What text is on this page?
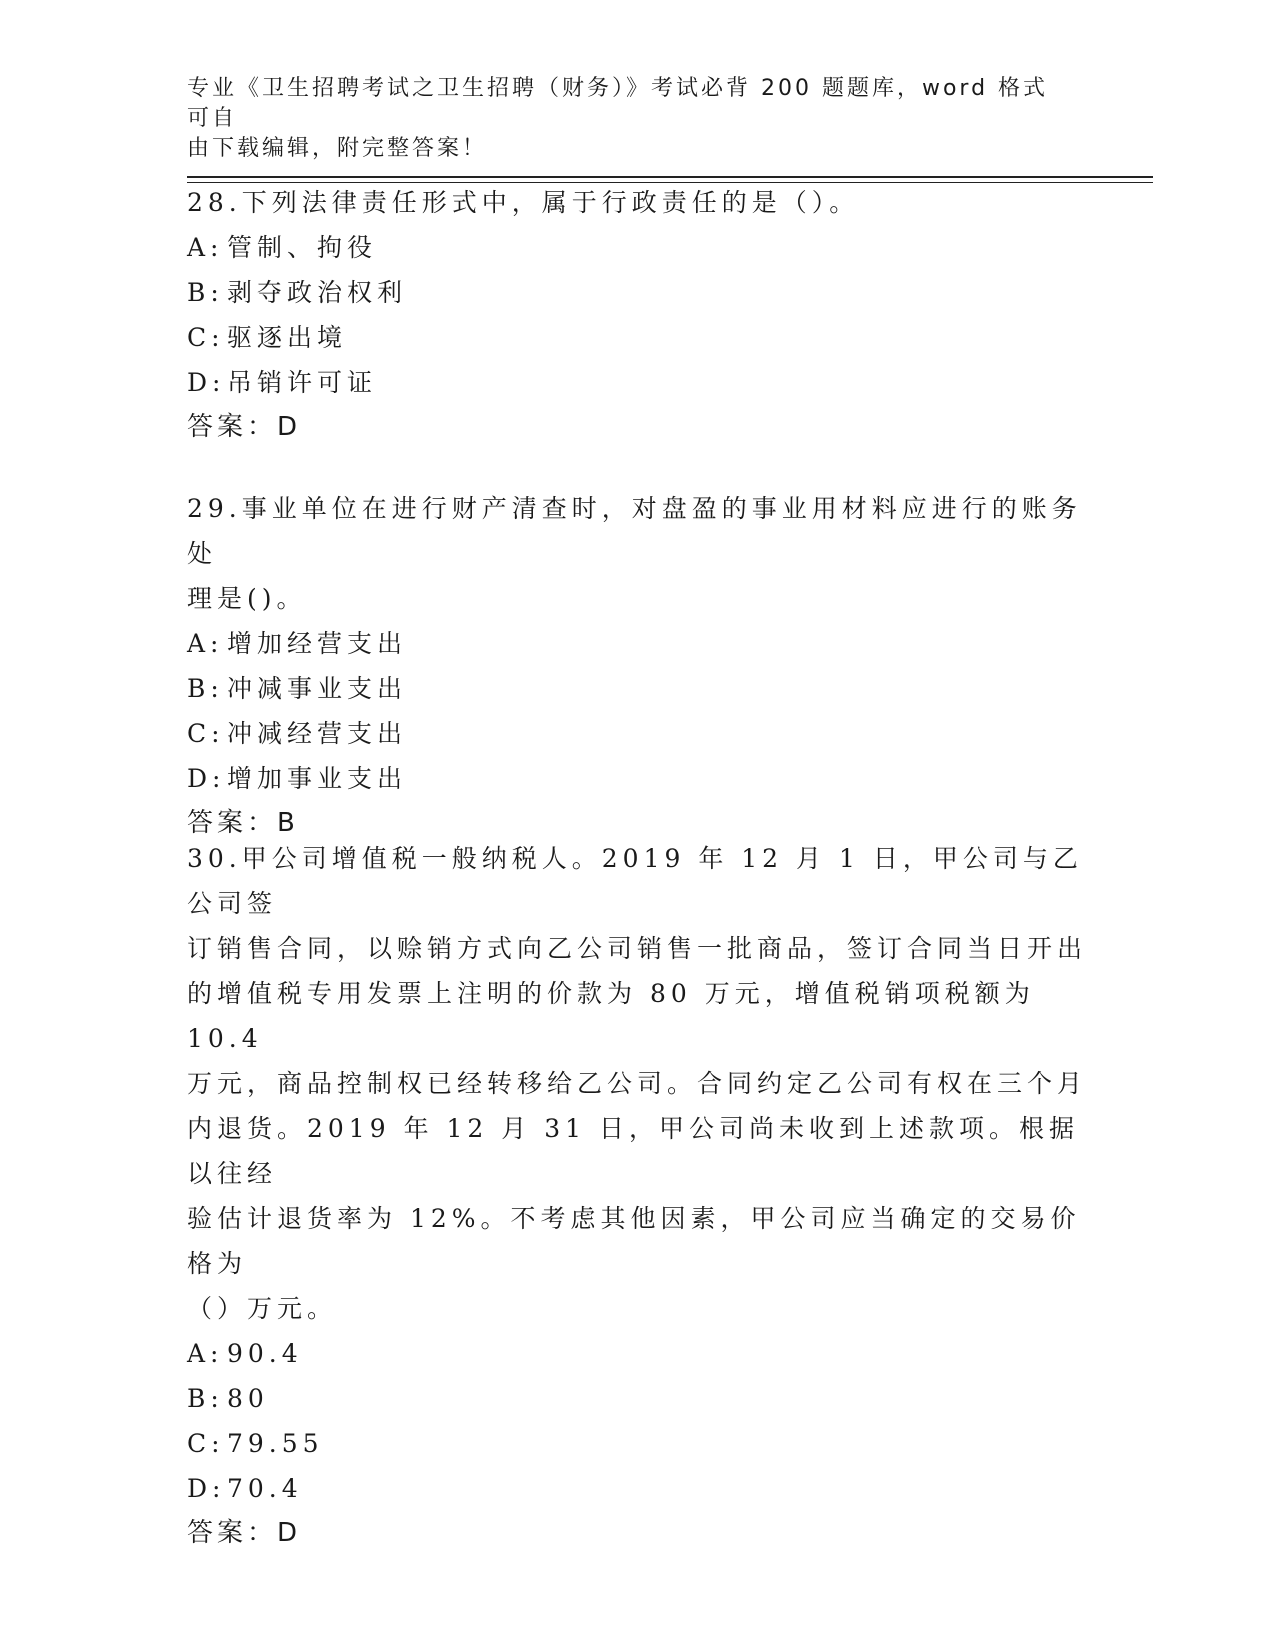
专业《卫生招聘考试之卫生招聘（财务）》考试必背 200 题题库，word 格式可自
由下载编辑，附完整答案！

28.下列法律责任形式中，属于行政责任的是（）。

A: 管制、拘役

B: 剥夺政治权利

C: 驱逐出境

D: 吊销许可证

答案：D

29.事业单位在进行财产清查时，对盘盈的事业用材料应进行的账务处

理是()。

A: 增加经营支出

B: 冲减事业支出

C: 冲减经营支出

D: 增加事业支出

答案：B

30.甲公司增值税一般纳税人。2019 年 12 月 1 日，甲公司与乙公司签

订销售合同，以赊销方式向乙公司销售一批商品，签订合同当日开出

的增值税专用发票上注明的价款为 80 万元，增值税销项税额为 10.4

万元，商品控制权已经转移给乙公司。合同约定乙公司有权在三个月

内退货。2019 年 12 月 31 日，甲公司尚未收到上述款项。根据以往经

验估计退货率为 12%。不考虑其他因素，甲公司应当确定的交易价格为

（）万元。

A: 90.4

B: 80

C: 79.55

D: 70.4

答案：D
